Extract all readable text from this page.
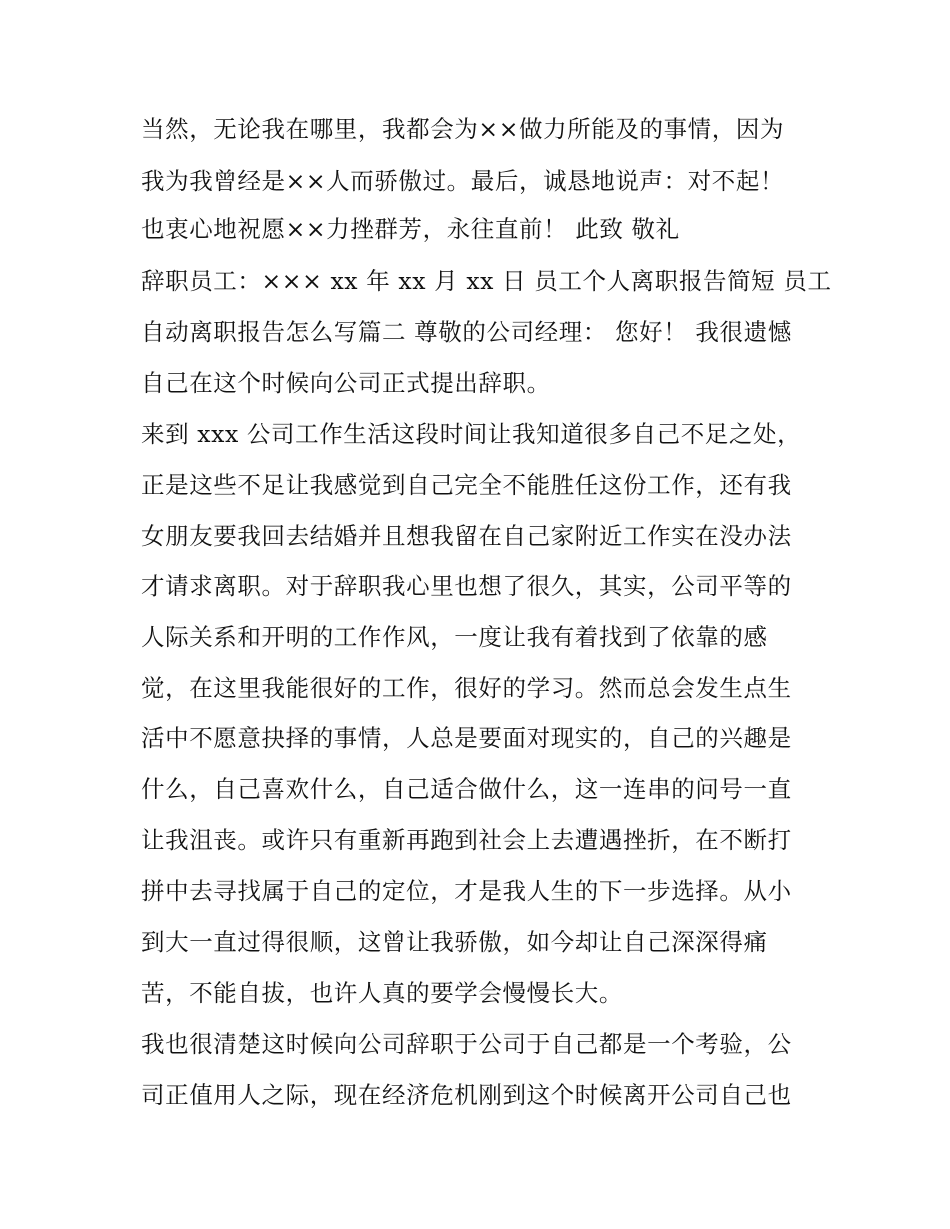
当然，无论我在哪里，我都会为××做力所能及的事情，因为
我为我曾经是××人而骄傲过。最后，诚恳地说声：对不起！
也衷心地祝愿××力挫群芳，永往直前！ 此致 敬礼
辞职员工：××× xx 年 xx 月 xx 日 员工个人离职报告简短 员工
自动离职报告怎么写篇二 尊敬的公司经理： 您好！ 我很遗憾
自己在这个时候向公司正式提出辞职。
来到 xxx 公司工作生活这段时间让我知道很多自己不足之处，
正是这些不足让我感觉到自己完全不能胜任这份工作，还有我
女朋友要我回去结婚并且想我留在自己家附近工作实在没办法
才请求离职。对于辞职我心里也想了很久，其实，公司平等的
人际关系和开明的工作作风，一度让我有着找到了依靠的感
觉，在这里我能很好的工作，很好的学习。然而总会发生点生
活中不愿意抉择的事情，人总是要面对现实的，自己的兴趣是
什么，自己喜欢什么，自己适合做什么，这一连串的问号一直
让我沮丧。或许只有重新再跑到社会上去遭遇挫折，在不断打
拼中去寻找属于自己的定位，才是我人生的下一步选择。从小
到大一直过得很顺，这曾让我骄傲，如今却让自己深深得痛
苦，不能自拔，也许人真的要学会慢慢长大。
我也很清楚这时候向公司辞职于公司于自己都是一个考验，公
司正值用人之际，现在经济危机刚到这个时候离开公司自己也
